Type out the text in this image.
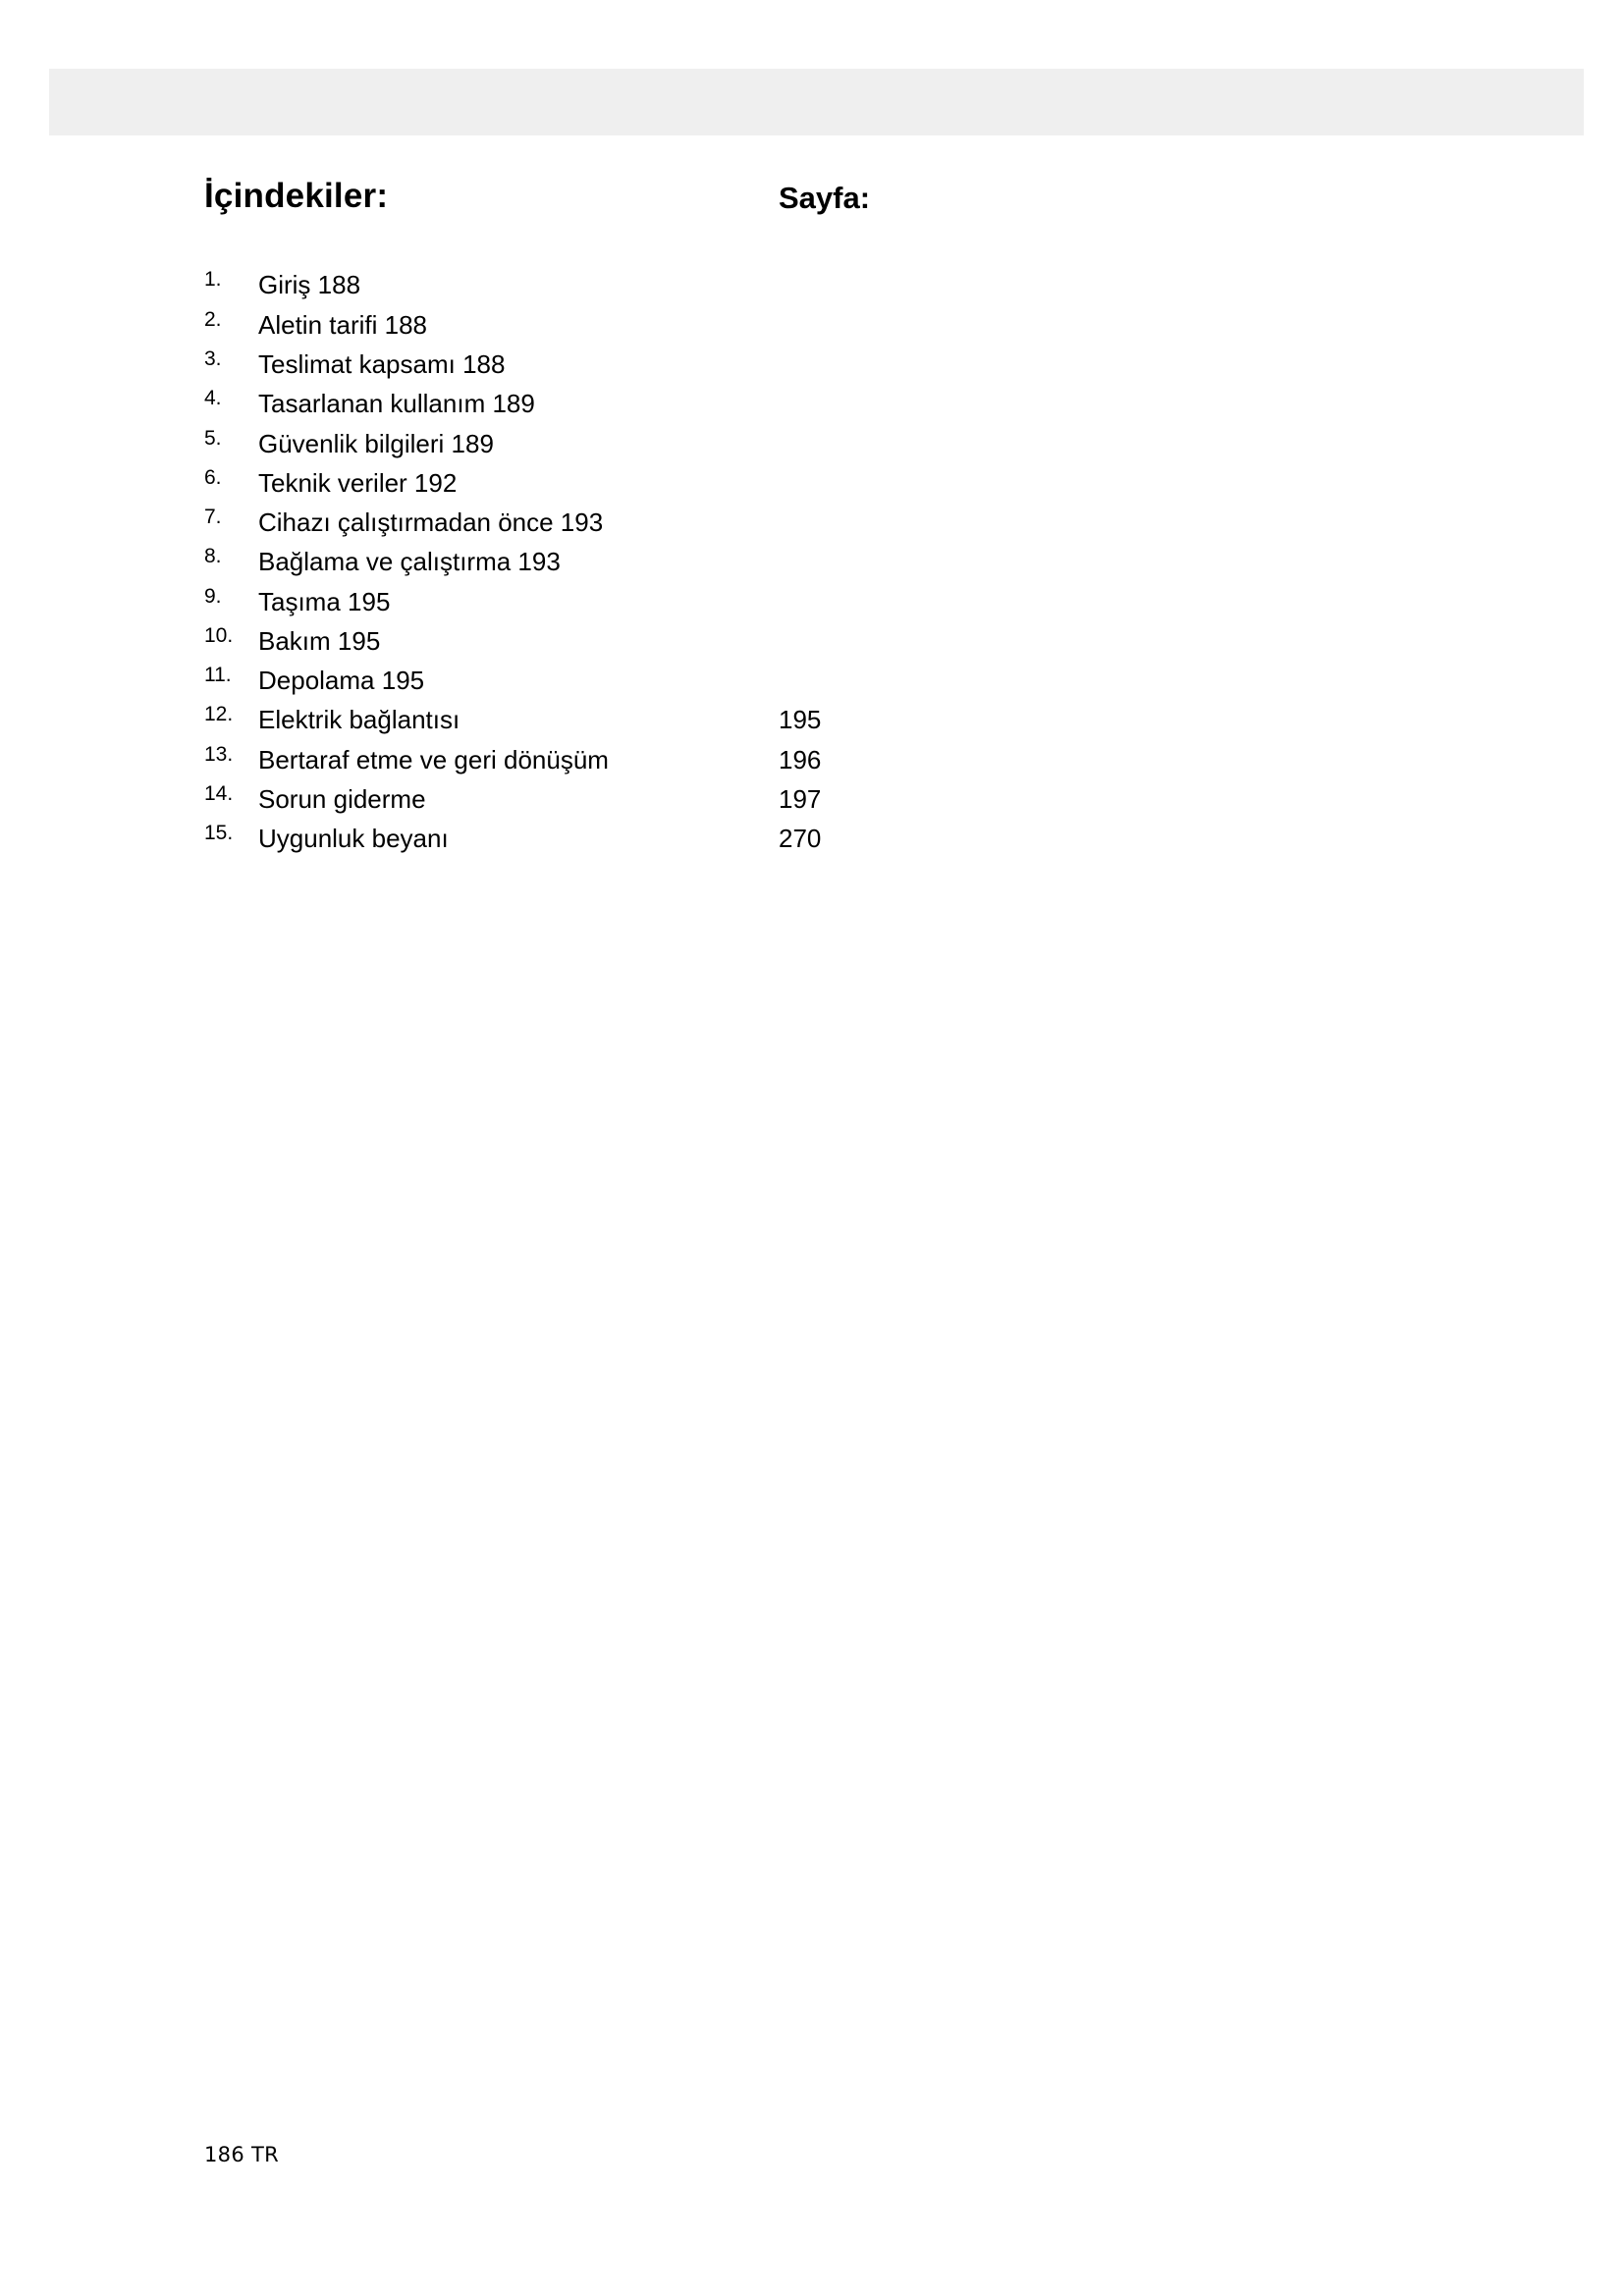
İçindekiler:	Sayfa:
1. Giriş 188
2. Aletin tarifi 188
3. Teslimat kapsamı 188
4. Tasarlanan kullanım 189
5. Güvenlik bilgileri 189
6. Teknik veriler 192
7. Cihazı çalıştırmadan önce 193
8. Bağlama ve çalıştırma 193
9. Taşıma 195
10. Bakım 195
11. Depolama 195
12. Elektrik bağlantısı	195
13. Bertaraf etme ve geri dönüşüm	196
14. Sorun giderme	197
15. Uygunluk beyanı	270
186 TR
